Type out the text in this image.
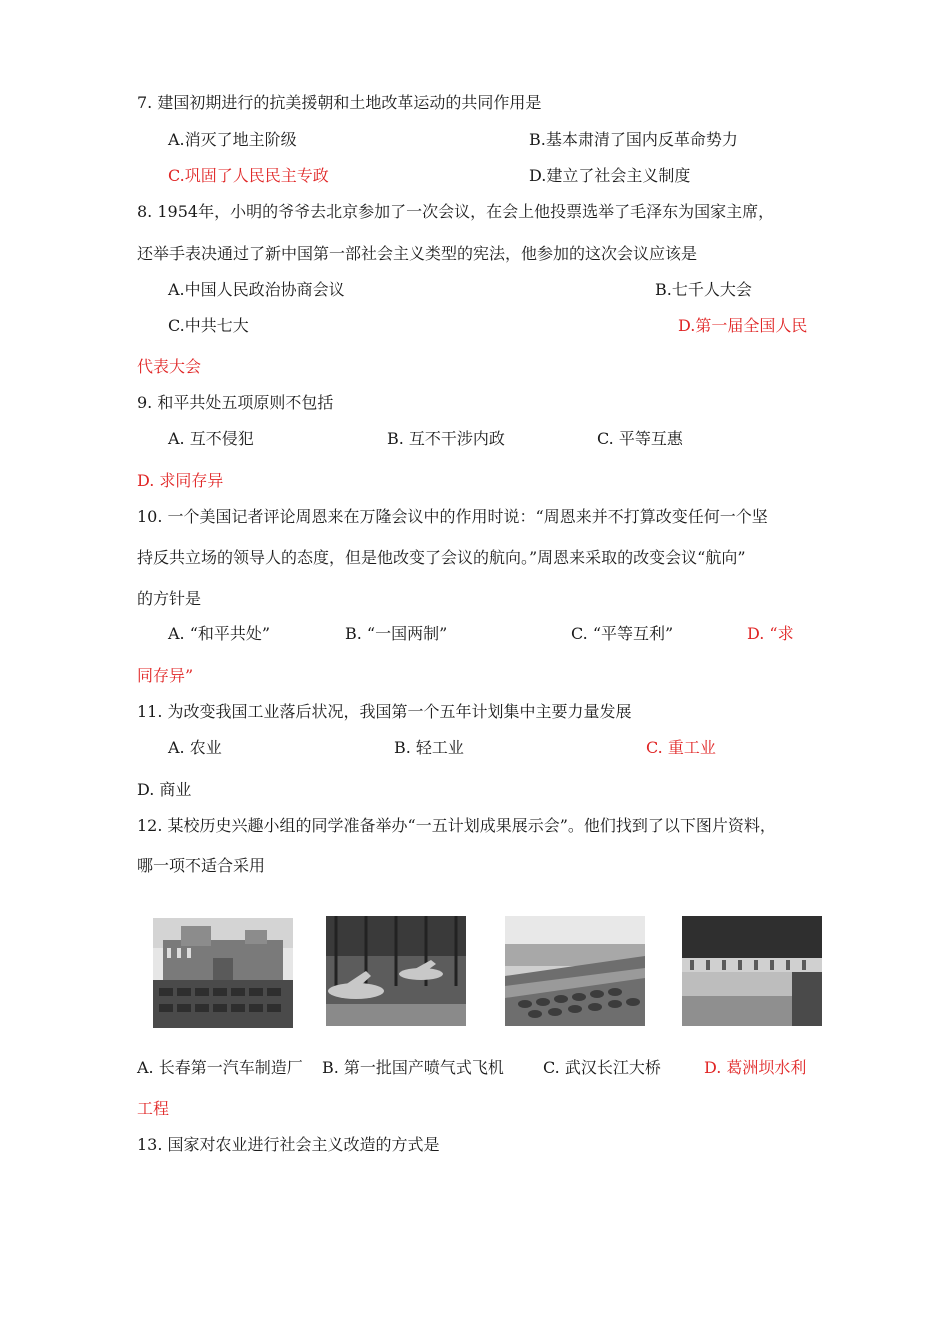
7. 建国初期进行的抗美援朝和土地改革运动的共同作用是
A.消灭了地主阶级	B.基本肃清了国内反革命势力
C.巩固了人民民主专政	D.建立了社会主义制度
8. 1954年，小明的爷爷去北京参加了一次会议，在会上他投票选举了毛泽东为国家主席，
还举手表决通过了新中国第一部社会主义类型的宪法，他参加的这次会议应该是
A.中国人民政治协商会议	B.七千人大会
C.中共七大	D.第一届全国人民
代表大会
9. 和平共处五项原则不包括
A. 互不侵犯	B. 互不干涉内政	C. 平等互惠
D. 求同存异
10. 一个美国记者评论周恩来在万隆会议中的作用时说：“周恩来并不打算改变任何一个坚
持反共立场的领导人的态度，但是他改变了会议的航向。”周恩来采取的改变会议“航向”
的方针是
A. “和平共处”	B. “一国两制”	C. “平等互利”	D. “求
同存异”
11. 为改变我国工业落后状况，我国第一个五年计划集中主要力量发展
A. 农业	B. 轻工业	C. 重工业
D. 商业
12. 某校历史兴趣小组的同学准备举办“一五计划成果展示会”。他们找到了以下图片资料，
哪一项不适合采用
A. 长春第一汽车制造厂 B. 第一批国产喷气式飞机 C. 武汉长江大桥	D. 葛洲坝水利
工程
13. 国家对农业进行社会主义改造的方式是
